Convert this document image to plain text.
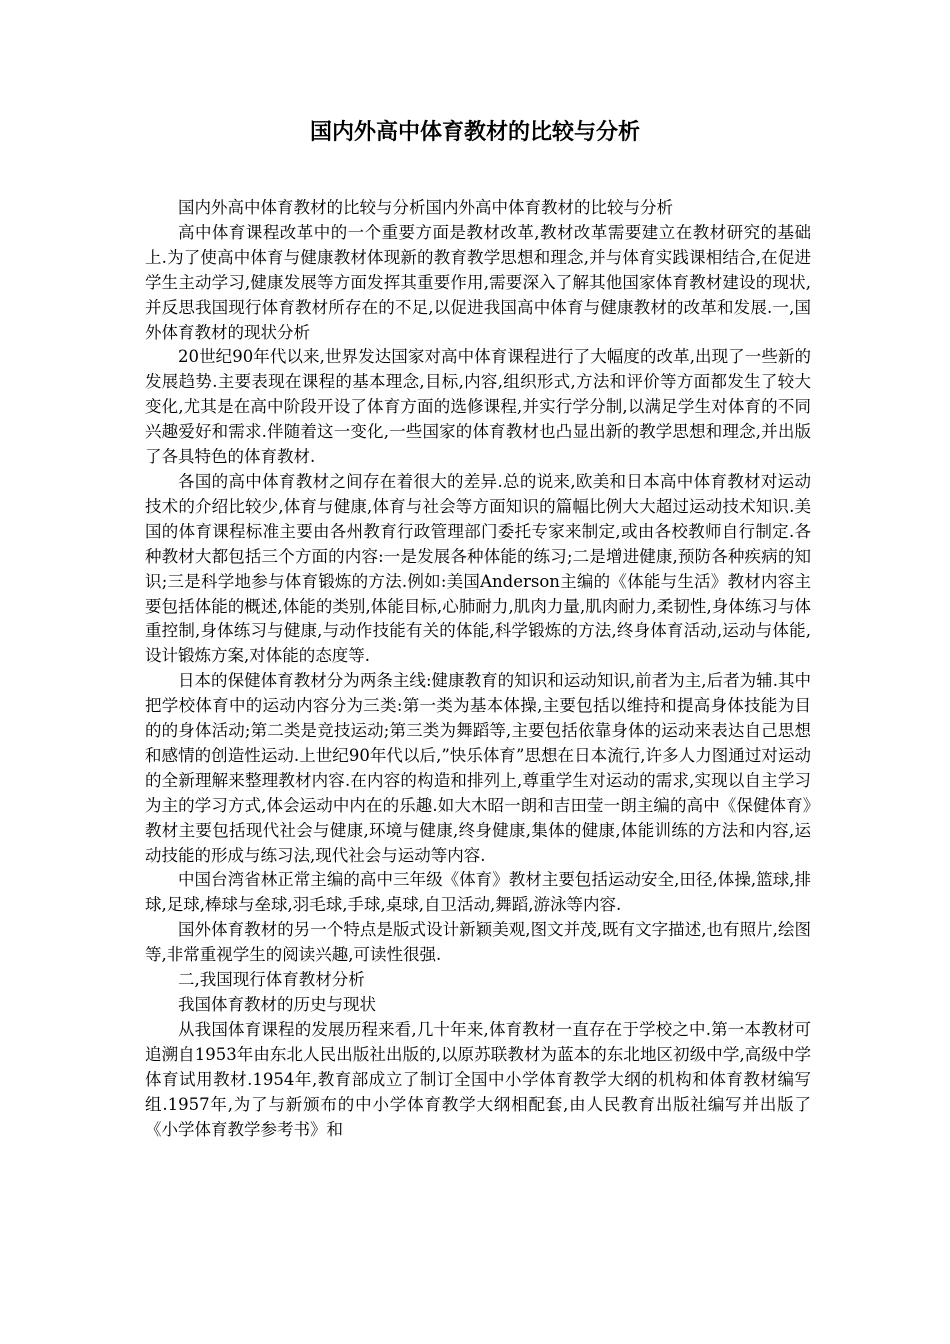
国内外高中体育教材的比较与分析

国内外高中体育教材的比较与分析国内外高中体育教材的比较与分析

高中体育课程改革中的一个重要方面是教材改革,教材改革需要建立在教材研究的基础上.为了使高中体育与健康教材体现新的教育教学思想和理念,并与体育实践课相结合,在促进学生主动学习,健康发展等方面发挥其重要作用,需要深入了解其他国家体育教材建设的现状,并反思我国现行体育教材所存在的不足,以促进我国高中体育与健康教材的改革和发展.一,国外体育教材的现状分析

20世纪90年代以来,世界发达国家对高中体育课程进行了大幅度的改革,出现了一些新的发展趋势.主要表现在课程的基本理念,目标,内容,组织形式,方法和评价等方面都发生了较大变化,尤其是在高中阶段开设了体育方面的选修课程,并实行学分制,以满足学生对体育的不同兴趣爱好和需求.伴随着这一变化,一些国家的体育教材也凸显出新的教学思想和理念,并出版了各具特色的体育教材.

各国的高中体育教材之间存在着很大的差异.总的说来,欧美和日本高中体育教材对运动技术的介绍比较少,体育与健康,体育与社会等方面知识的篇幅比例大大超过运动技术知识.美国的体育课程标准主要由各州教育行政管理部门委托专家来制定,或由各校教师自行制定.各种教材大都包括三个方面的内容:一是发展各种体能的练习;二是增进健康,预防各种疾病的知识;三是科学地参与体育锻炼的方法.例如:美国Anderson主编的《体能与生活》教材内容主要包括体能的概述,体能的类别,体能目标,心肺耐力,肌肉力量,肌肉耐力,柔韧性,身体练习与体重控制,身体练习与健康,与动作技能有关的体能,科学锻炼的方法,终身体育活动,运动与体能,设计锻炼方案,对体能的态度等.

日本的保健体育教材分为两条主线:健康教育的知识和运动知识,前者为主,后者为辅.其中把学校体育中的运动内容分为三类:第一类为基本体操,主要包括以维持和提高身体技能为目的的身体活动;第二类是竞技运动;第三类为舞蹈等,主要包括依靠身体的运动来表达自己思想和感情的创造性运动.上世纪90年代以后,”快乐体育”思想在日本流行,许多人力图通过对运动的全新理解来整理教材内容.在内容的构造和排列上,尊重学生对运动的需求,实现以自主学习为主的学习方式,体会运动中内在的乐趣.如大木昭一朗和吉田莹一朗主编的高中《保健体育》教材主要包括现代社会与健康,环境与健康,终身健康,集体的健康,体能训练的方法和内容,运动技能的形成与练习法,现代社会与运动等内容.

中国台湾省林正常主编的高中三年级《体育》教材主要包括运动安全,田径,体操,篮球,排球,足球,棒球与垒球,羽毛球,手球,桌球,自卫活动,舞蹈,游泳等内容.

国外体育教材的另一个特点是版式设计新颖美观,图文并茂,既有文字描述,也有照片,绘图等,非常重视学生的阅读兴趣,可读性很强.

二,我国现行体育教材分析

我国体育教材的历史与现状

从我国体育课程的发展历程来看,几十年来,体育教材一直存在于学校之中.第一本教材可追溯自1953年由东北人民出版社出版的,以原苏联教材为蓝本的东北地区初级中学,高级中学体育试用教材.1954年,教育部成立了制订全国中小学体育教学大纲的机构和体育教材编写组.1957年,为了与新颁布的中小学体育教学大纲相配套,由人民教育出版社编写并出版了《小学体育教学参考书》和
